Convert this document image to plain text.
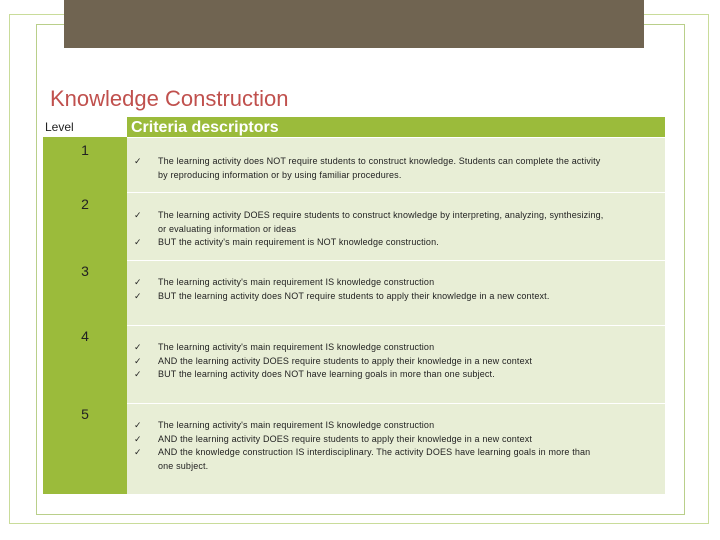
Knowledge Construction
Level	Criteria descriptors
1
2
3
4
5
✓ The learning activity does NOT require students to construct knowledge. Students can complete the activity
by reproducing information or by using familiar procedures.
✓
✓
The learning activity DOES require students to construct knowledge by interpreting, analyzing, synthesizing,
or evaluating information or ideas
BUT the activity's main requirement is NOT knowledge construction.
✓
✓
The learning activity's main requirement IS knowledge construction
BUT the learning activity does NOT require students to apply their knowledge in a new context.
✓
✓
✓
The learning activity's main requirement IS knowledge construction
AND the learning activity DOES require students to apply their knowledge in a new context
BUT the learning activity does NOT have learning goals in more than one subject.
✓
✓
✓
The learning activity's main requirement IS knowledge construction
AND the learning activity DOES require students to apply their knowledge in a new context
AND the knowledge construction IS interdisciplinary. The activity DOES have learning goals in more than
one subject.
